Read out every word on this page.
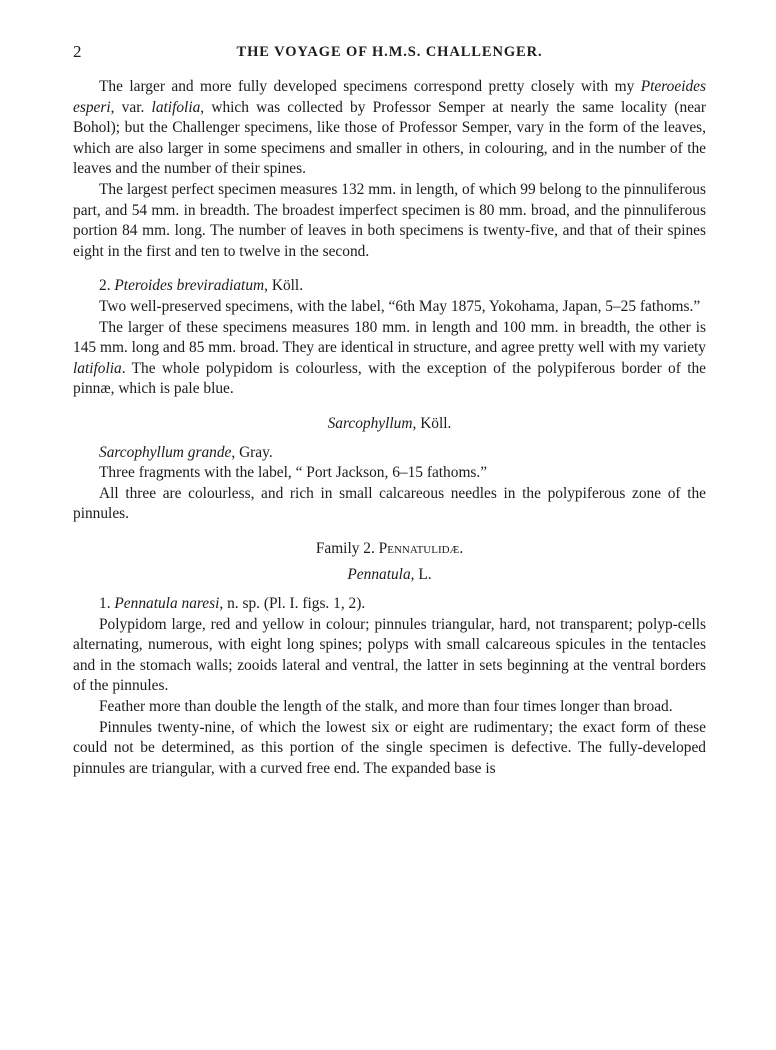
2	THE VOYAGE OF H.M.S. CHALLENGER.

The larger and more fully developed specimens correspond pretty closely with my Pteroeides esperi, var. latifolia, which was collected by Professor Semper at nearly the same locality (near Bohol); but the Challenger specimens, like those of Professor Semper, vary in the form of the leaves, which are also larger in some specimens and smaller in others, in colouring, and in the number of the leaves and the number of their spines.

The largest perfect specimen measures 132 mm. in length, of which 99 belong to the pinnuliferous part, and 54 mm. in breadth. The broadest imperfect specimen is 80 mm. broad, and the pinnuliferous portion 84 mm. long. The number of leaves in both specimens is twenty-five, and that of their spines eight in the first and ten to twelve in the second.

2. Pteroides breviradiatum, Köll.

Two well-preserved specimens, with the label, “6th May 1875, Yokohama, Japan, 5–25 fathoms.”

The larger of these specimens measures 180 mm. in length and 100 mm. in breadth, the other is 145 mm. long and 85 mm. broad. They are identical in structure, and agree pretty well with my variety latifolia. The whole polypidom is colourless, with the exception of the polypiferous border of the pinnæ, which is pale blue.

Sarcophyllum, Köll.

Sarcophyllum grande, Gray.

Three fragments with the label, “ Port Jackson, 6–15 fathoms.”

All three are colourless, and rich in small calcareous needles in the polypiferous zone of the pinnules.

Family 2. Pennatulidæ.

Pennatula, L.

1. Pennatula naresi, n. sp. (Pl. I. figs. 1, 2).

Polypidom large, red and yellow in colour; pinnules triangular, hard, not transparent; polyp-cells alternating, numerous, with eight long spines; polyps with small calcareous spicules in the tentacles and in the stomach walls; zooids lateral and ventral, the latter in sets beginning at the ventral borders of the pinnules.

Feather more than double the length of the stalk, and more than four times longer than broad.

Pinnules twenty-nine, of which the lowest six or eight are rudimentary; the exact form of these could not be determined, as this portion of the single specimen is defective. The fully-developed pinnules are triangular, with a curved free end. The expanded base is
